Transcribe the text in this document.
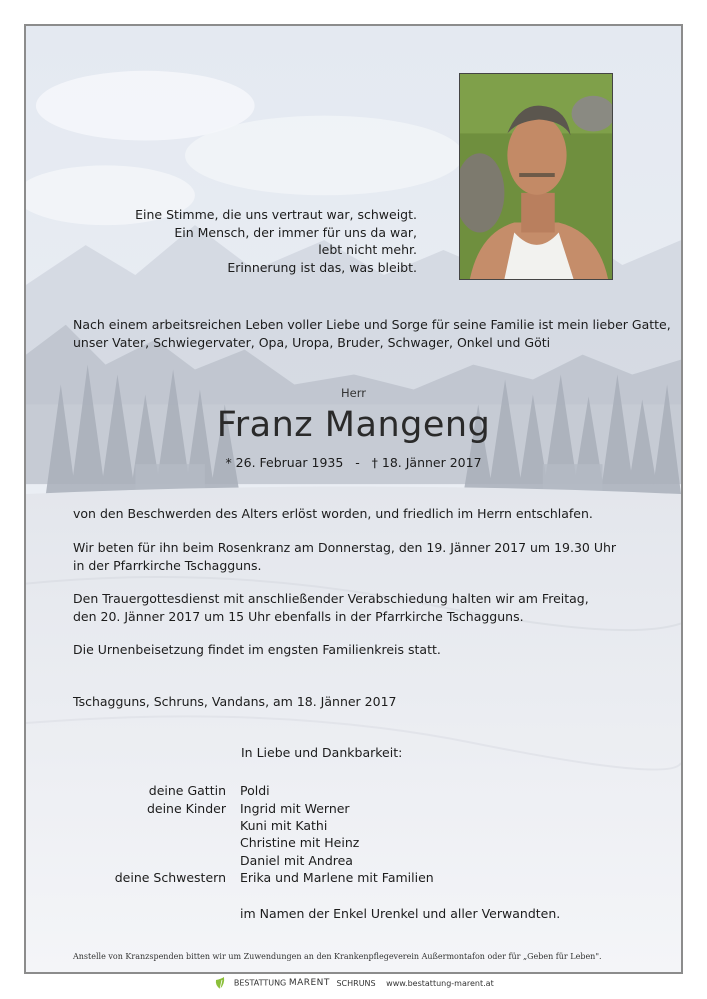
Eine Stimme, die uns vertraut war, schweigt.
Ein Mensch, der immer für uns da war,
lebt nicht mehr.
Erinnerung ist das, was bleibt.
Nach einem arbeitsreichen Leben voller Liebe und Sorge für seine Familie ist mein lieber Gatte,
unser Vater, Schwiegervater, Opa, Uropa, Bruder, Schwager, Onkel und Göti
Herr
Franz Mangeng
* 26. Februar 1935   -   † 18. Jänner 2017
von den Beschwerden des Alters erlöst worden, und friedlich im Herrn entschlafen.
Wir beten für ihn beim Rosenkranz am Donnerstag, den 19. Jänner 2017 um 19.30 Uhr
in der Pfarrkirche Tschagguns.
Den Trauergottesdienst mit anschließender Verabschiedung halten wir am Freitag,
den 20. Jänner 2017 um 15 Uhr ebenfalls in der Pfarrkirche Tschagguns.
Die Urnenbeisetzung findet im engsten Familienkreis statt.
Tschagguns, Schruns, Vandans, am 18. Jänner 2017
In Liebe und Dankbarkeit:
deine Gattin Poldi
deine Kinder Ingrid mit Werner
Kuni mit Kathi
Christine mit Heinz
Daniel mit Andrea
deine Schwestern Erika und Marlene mit Familien
im Namen der Enkel Urenkel und aller Verwandten.
Anstelle von Kranzspenden bitten wir um Zuwendungen an den Krankenpflegeverein Außermontafon oder für „Geben für Leben".
BESTATTUNG MARENT SCHRUNS www.bestattung-marent.at
